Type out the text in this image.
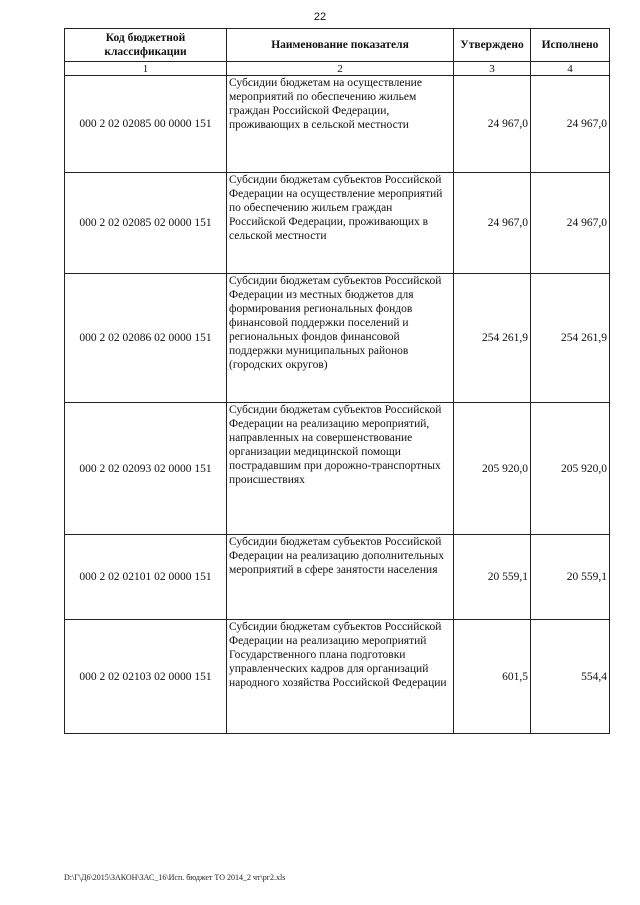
22
Код бюджетной классификации	Наименование показателя	Утверждено	Исполнено
1	2	3	4
000 2 02 02085 00 0000 151	Субсидии бюджетам на осуществление мероприятий по обеспечению жильем граждан Российской Федерации, проживающих в сельской местности	24 967,0	24 967,0
000 2 02 02085 02 0000 151	Субсидии бюджетам субъектов Российской Федерации на осуществление мероприятий по обеспечению жильем граждан Российской Федерации, проживающих в сельской местности	24 967,0	24 967,0
000 2 02 02086 02 0000 151	Субсидии бюджетам субъектов Российской Федерации из местных бюджетов для формирования региональных фондов финансовой поддержки поселений и региональных фондов финансовой поддержки муниципальных районов (городских округов)	254 261,9	254 261,9
000 2 02 02093 02 0000 151	Субсидии бюджетам субъектов Российской Федерации на реализацию мероприятий, направленных на совершенствование организации медицинской помощи пострадавшим при дорожно-транспортных происшествиях	205 920,0	205 920,0
000 2 02 02101 02 0000 151	Субсидии бюджетам субъектов Российской Федерации на реализацию дополнительных мероприятий в сфере занятости населения	20 559,1	20 559,1
000 2 02 02103 02 0000 151	Субсидии бюджетам субъектов Российской Федерации на реализацию мероприятий Государственного плана подготовки управленческих кадров для организаций народного хозяйства Российской Федерации	601,5	554,4
D:\Г\Д6\2015\ЗАКОН\ЗАС_16\Исп. бюджет ТО 2014_2 чт\рг2.xls
